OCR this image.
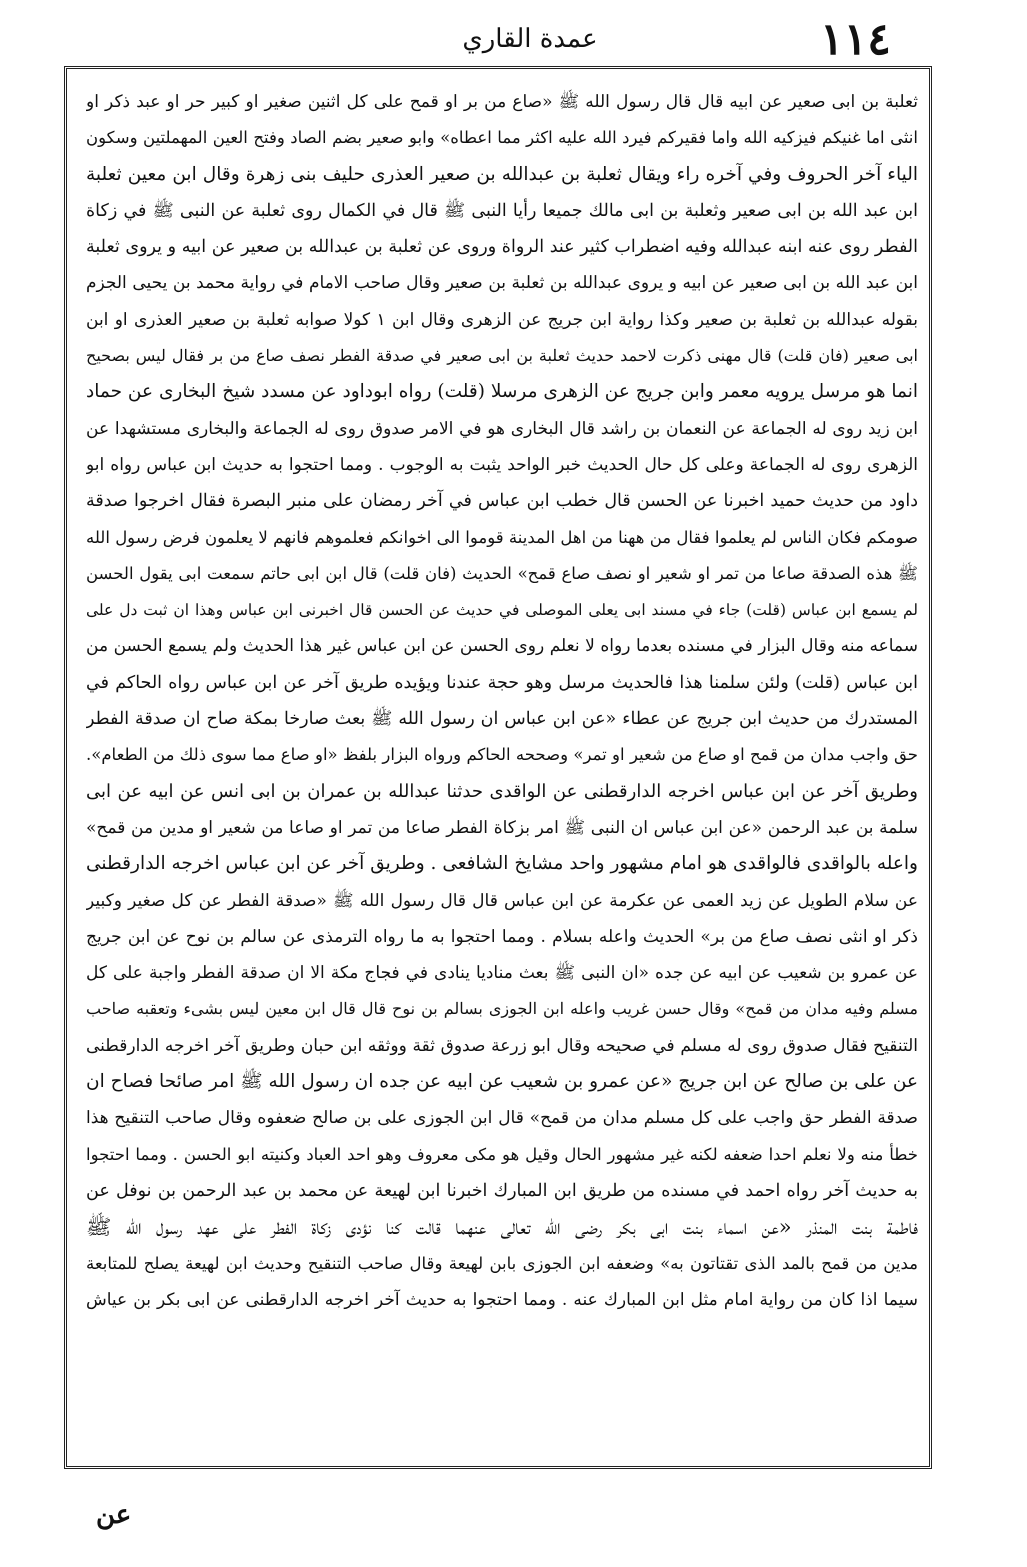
١١٤
عمدة القاري
ثعلبة بن ابى صعير عن ابيه قال قال رسول الله ﷺ «صاع من بر او قمح على كل اثنين صغير او كبير حر او عبد ذكر او
انثى اما غنيكم فيزكيه الله واما فقيركم فيرد الله عليه اكثر مما اعطاه» وابو صعير بضم الصاد وفتح العين المهملتين وسكون
الياء آخر الحروف وفي آخره راء ويقال ثعلبة بن عبدالله بن صعير العذرى حليف بنى زهرة وقال ابن معين ثعلبة
ابن عبد الله بن ابى صعير وثعلبة بن ابى مالك جميعا رأيا النبى ﷺ قال في الكمال روى ثعلبة عن النبى ﷺ في زكاة
الفطر روى عنه ابنه عبدالله وفيه اضطراب كثير عند الرواة وروى عن ثعلبة بن عبدالله بن صعير عن ابيه و يروى ثعلبة
ابن عبد الله بن ابى صعير عن ابيه و يروى عبدالله بن ثعلبة بن صعير وقال صاحب الامام في رواية محمد بن يحيى الجزم
بقوله عبدالله بن ثعلبة بن صعير وكذا رواية ابن جريج عن الزهرى وقال ابن ١ كولا صوابه ثعلبة بن صعير العذرى او ابن
ابى صعير (فان قلت) قال مهنى ذكرت لاحمد حديث ثعلبة بن ابى صعير في صدقة الفطر نصف صاع من بر فقال ليس بصحيح
انما هو مرسل يرويه معمر وابن جريج عن الزهرى مرسلا (قلت) رواه ابوداود عن مسدد شيخ البخارى عن حماد
ابن زيد روى له الجماعة عن النعمان بن راشد قال البخارى هو في الامر صدوق روى له الجماعة والبخارى مستشهدا عن
الزهرى روى له الجماعة وعلى كل حال الحديث خبر الواحد يثبت به الوجوب . ومما احتجوا به حديث ابن عباس رواه ابو
داود من حديث حميد اخبرنا عن الحسن قال خطب ابن عباس في آخر رمضان على منبر البصرة فقال اخرجوا صدقة
صومكم فكان الناس لم يعلموا فقال من ههنا من اهل المدينة قوموا الى اخوانكم فعلموهم فانهم لا يعلمون فرض رسول الله
ﷺ هذه الصدقة صاعا من تمر او شعير او نصف صاع قمح» الحديث (فان قلت) قال ابن ابى حاتم سمعت ابى يقول الحسن
لم يسمع ابن عباس (قلت) جاء في مسند ابى يعلى الموصلى في حديث عن الحسن قال اخبرنى ابن عباس وهذا ان ثبت دل على
سماعه منه وقال البزار في مسنده بعدما رواه لا نعلم روى الحسن عن ابن عباس غير هذا الحديث ولم يسمع الحسن من
ابن عباس (قلت) ولئن سلمنا هذا فالحديث مرسل وهو حجة عندنا ويؤيده طريق آخر عن ابن عباس رواه الحاكم في
المستدرك من حديث ابن جريج عن عطاء «عن ابن عباس ان رسول الله ﷺ بعث صارخا بمكة صاح ان صدقة الفطر
حق واجب مدان من قمح او صاع من شعير او تمر» وصححه الحاكم ورواه البزار بلفظ «او صاع مما سوى ذلك من الطعام».
وطريق آخر عن ابن عباس اخرجه الدارقطنى عن الواقدى حدثنا عبدالله بن عمران بن ابى انس عن ابيه عن ابى
سلمة بن عبد الرحمن «عن ابن عباس ان النبى ﷺ امر بزكاة الفطر صاعا من تمر او صاعا من شعير او مدين من قمح»
واعله بالواقدى فالواقدى هو امام مشهور واحد مشايخ الشافعى . وطريق آخر عن ابن عباس اخرجه الدارقطنى
عن سلام الطويل عن زيد العمى عن عكرمة عن ابن عباس قال قال رسول الله ﷺ «صدقة الفطر عن كل صغير وكبير
ذكر او انثى نصف صاع من بر» الحديث واعله بسلام . ومما احتجوا به ما رواه الترمذى عن سالم بن نوح عن ابن جريج
عن عمرو بن شعيب عن ابيه عن جده «ان النبى ﷺ بعث مناديا ينادى في فجاج مكة الا ان صدقة الفطر واجبة على كل
مسلم وفيه مدان من قمح» وقال حسن غريب واعله ابن الجوزى بسالم بن نوح قال قال ابن معين ليس بشىء وتعقبه صاحب
التنقيح فقال صدوق روى له مسلم في صحيحه وقال ابو زرعة صدوق ثقة ووثقه ابن حبان وطريق آخر اخرجه الدارقطنى
عن على بن صالح عن ابن جريج «عن عمرو بن شعيب عن ابيه عن جده ان رسول الله ﷺ امر صائحا فصاح ان
صدقة الفطر حق واجب على كل مسلم مدان من قمح» قال ابن الجوزى على بن صالح ضعفوه وقال صاحب التنقيح هذا
خطأ منه ولا نعلم احدا ضعفه لكنه غير مشهور الحال وقيل هو مكى معروف وهو احد العباد وكنيته ابو الحسن . ومما احتجوا
به حديث آخر رواه احمد في مسنده من طريق ابن المبارك اخبرنا ابن لهيعة عن محمد بن عبد الرحمن بن نوفل عن
فاطمة بنت المنذر «عن اسماء بنت ابى بكر رضى الله تعالى عنهما قالت كنا نؤدى زكاة الفطر على عهد رسول الله ﷺ
مدين من قمح بالمد الذى تقتاتون به» وضعفه ابن الجوزى بابن لهيعة وقال صاحب التنقيح وحديث ابن لهيعة يصلح للمتابعة
سيما اذا كان من رواية امام مثل ابن المبارك عنه . ومما احتجوا به حديث آخر اخرجه الدارقطنى عن ابى بكر بن عياش
عن
